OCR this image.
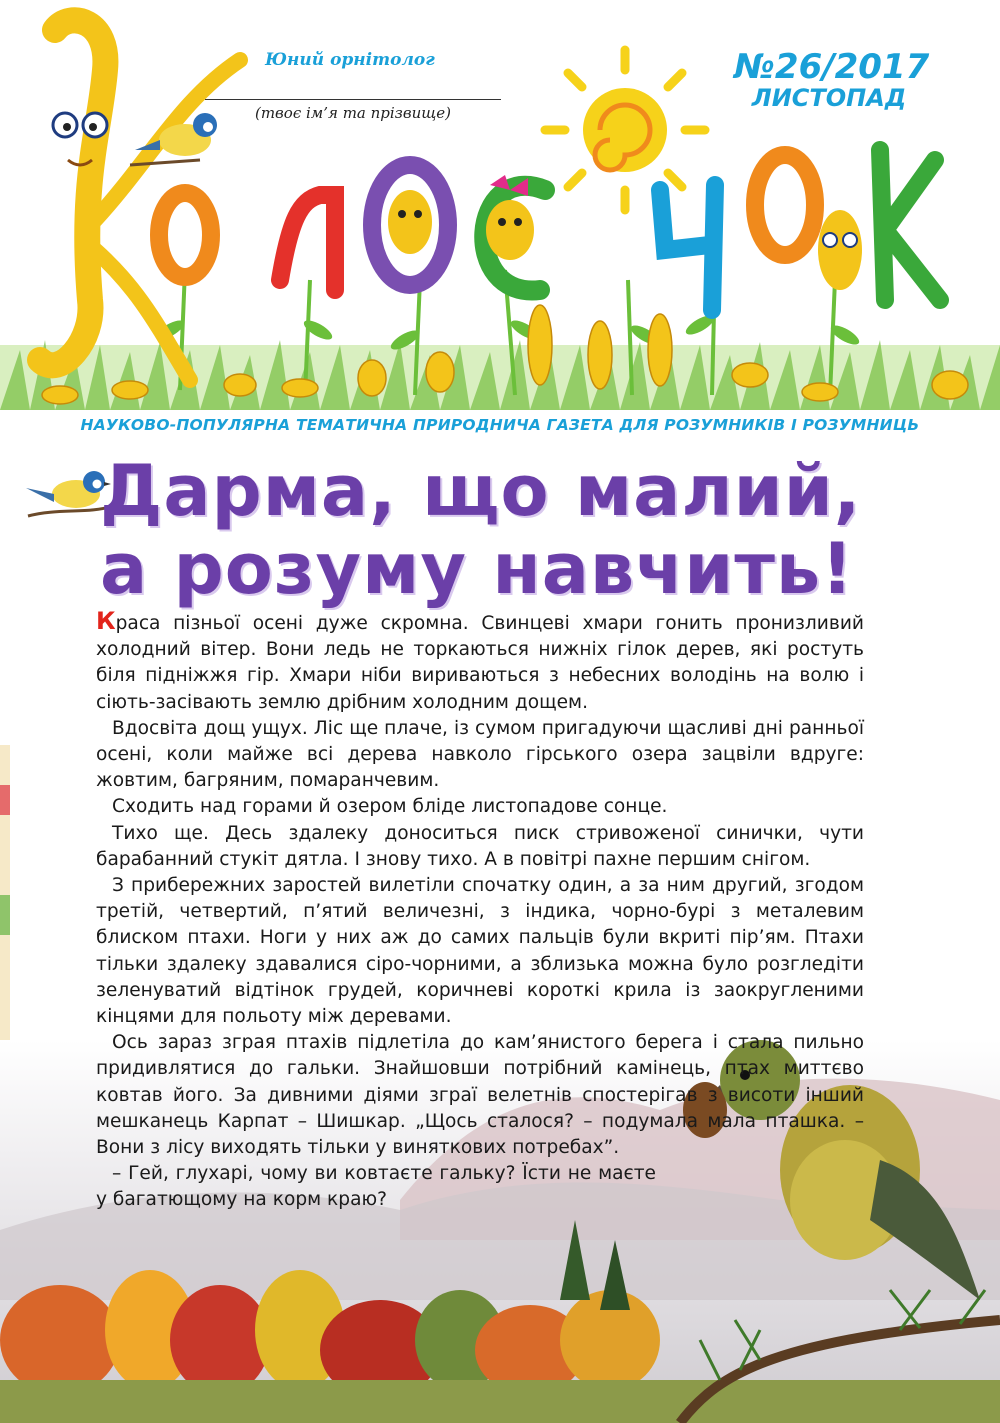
Юний орнітолог
(твоє ім’я та прізвище)
№26/2017
ЛИСТОПАД
НАУКОВО-ПОПУЛЯРНА ТЕМАТИЧНА ПРИРОДНИЧА ГАЗЕТА ДЛЯ РОЗУМНИКІВ І РОЗУМНИЦЬ
Дарма, що малий,
а розуму навчить!

Краса пізньої осені дуже скромна. Свинцеві хмари гонить пронизливий холодний вітер. Вони ледь не торкаються нижніх гілок дерев, які ростуть біля підніжжя гір. Хмари ніби вириваються з небесних володінь на волю і сіють-засівають землю дрібним холодним дощем.

Вдосвіта дощ ущух. Ліс ще плаче, із сумом пригадуючи щасливі дні ранньої осені, коли майже всі дерева навколо гірського озера зацвіли вдруге: жовтим, багряним, помаранчевим.

Сходить над горами й озером бліде листопадове сонце.

Тихо ще. Десь здалеку доноситься писк стривоженої синички, чути барабанний стукіт дятла. І знову тихо. А в повітрі пахне першим снігом.

З прибережних заростей вилетіли спочатку один, а за ним другий, згодом третій, четвертий, п’ятий величезні, з індика, чорно-бурі з металевим блиском птахи. Ноги у них аж до самих пальців були вкриті пір’ям. Птахи тільки здалеку здавалися сіро-чорними, а зблизька можна було розгледіти зеленуватий відтінок грудей, коричневі короткі крила із заокругленими кінцями для польоту між деревами.

Ось зараз зграя птахів підлетіла до кам’янистого берега і стала пильно придивлятися до гальки. Знайшовши потрібний камінець, птах миттєво ковтав його. За дивними діями зграї велетнів спостерігав з висоти інший мешканець Карпат – Шишкар. „Щось сталося? – подумала мала пташка. – Вони з лісу виходять тільки у виняткових потребах”.

– Гей, глухарі, чому ви ковтаєте гальку? Їсти не маєте у багатющому на корм краю?
